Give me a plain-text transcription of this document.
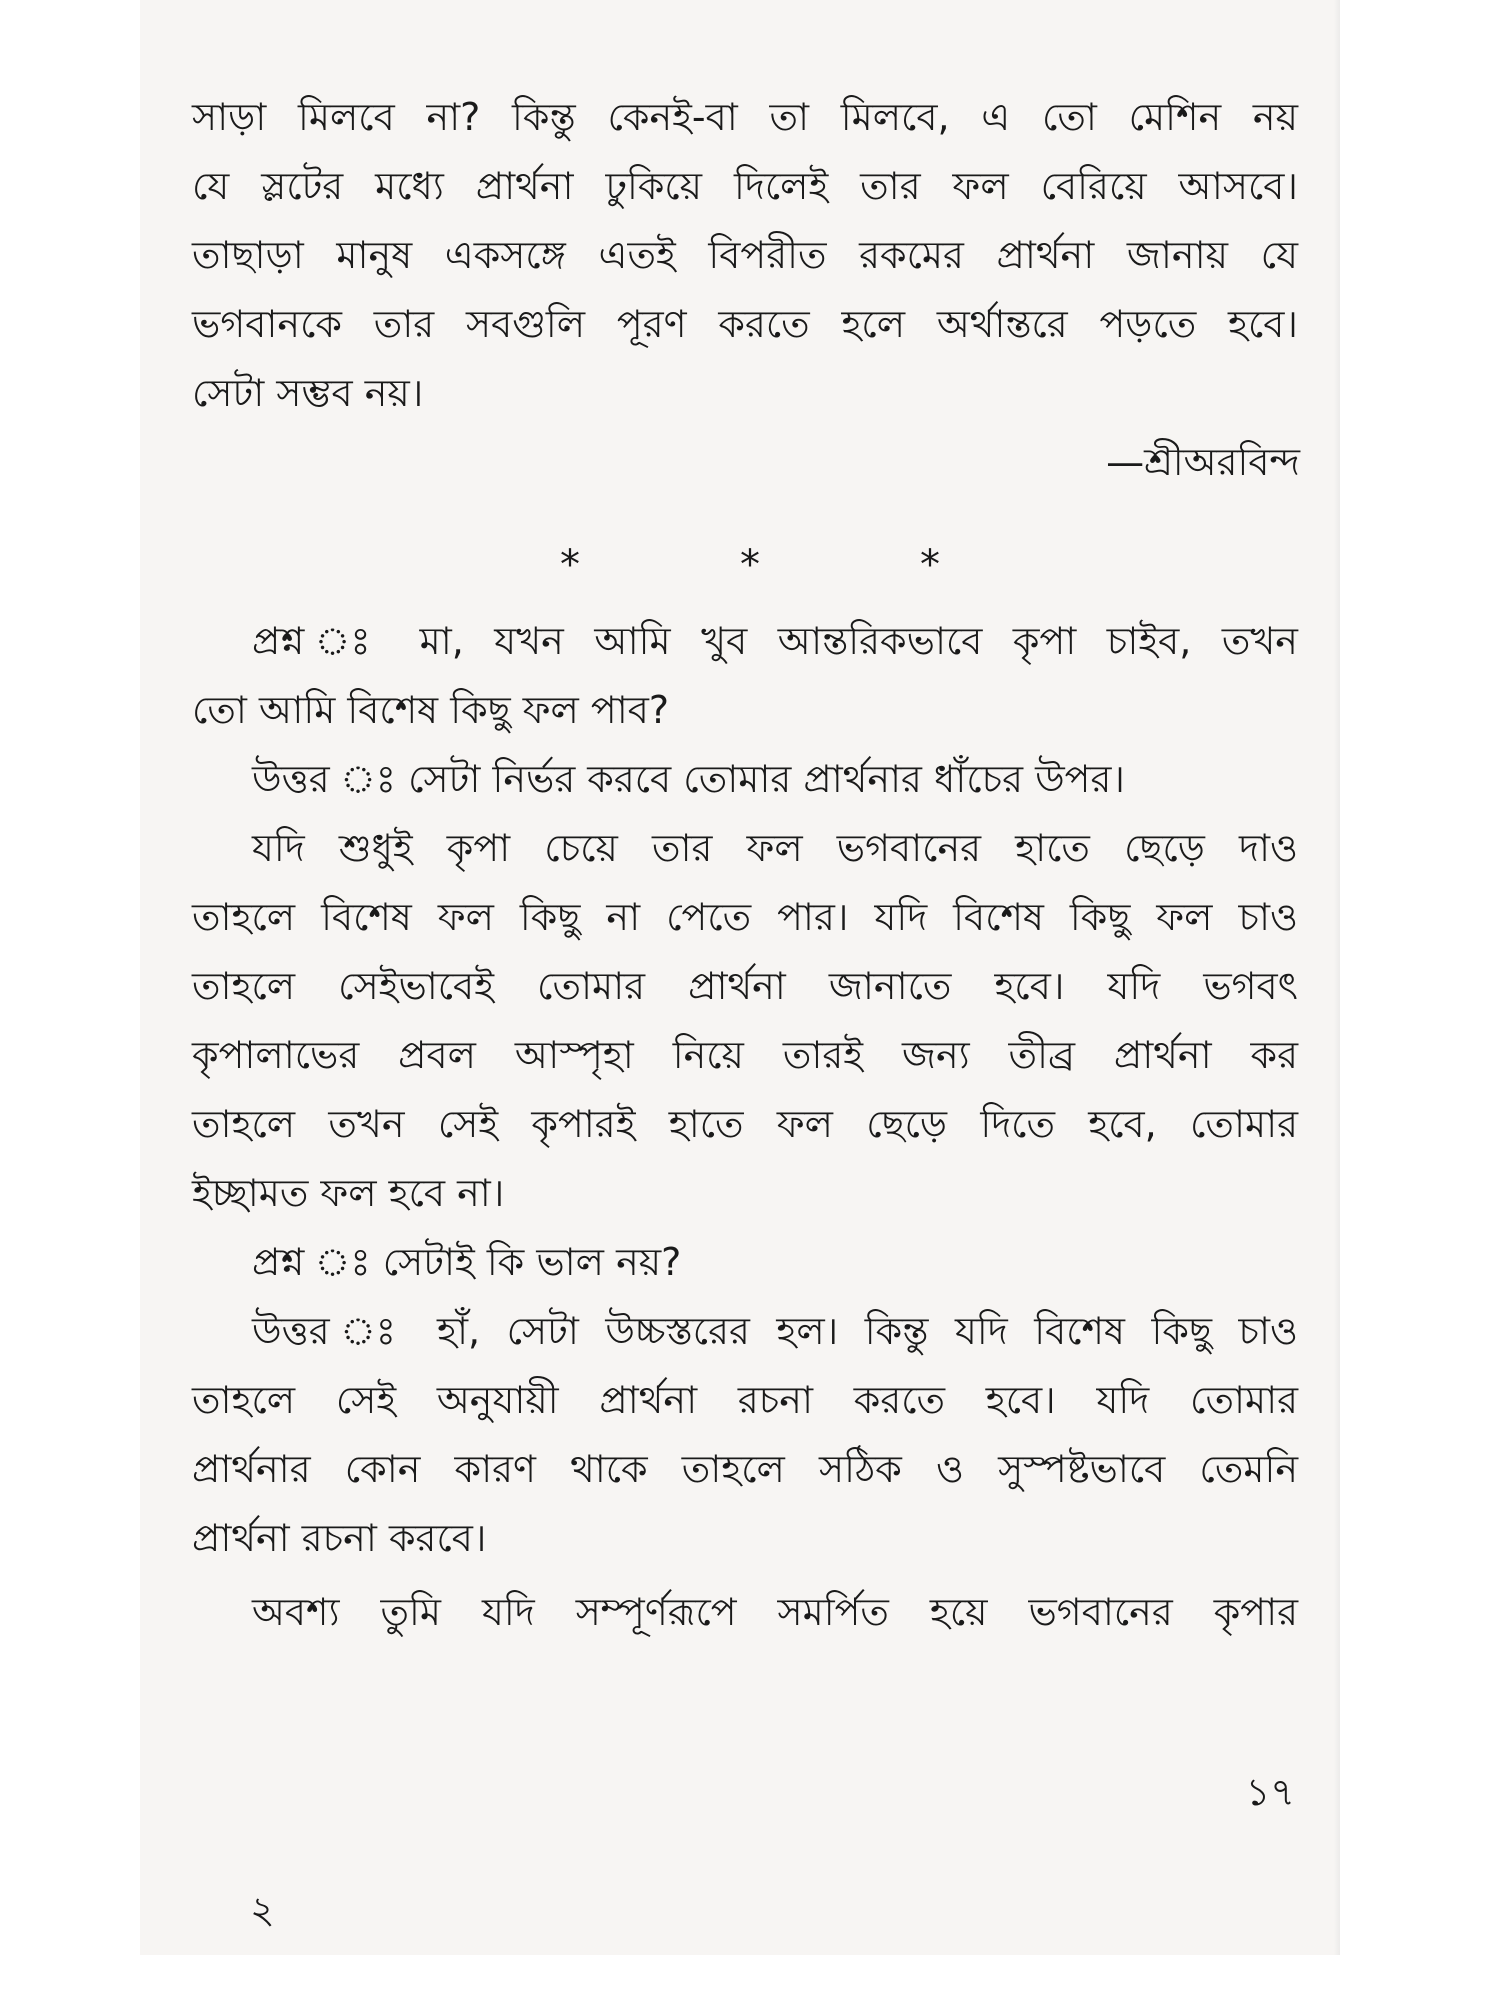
সাড়া মিলবে না? কিন্তু কেনই-বা তা মিলবে, এ তো মেশিন নয়
যে স্লটের মধ্যে প্রার্থনা ঢুকিয়ে দিলেই তার ফল বেরিয়ে আসবে।
তাছাড়া মানুষ একসঙ্গে এতই বিপরীত রকমের প্রার্থনা জানায় যে
ভগবানকে তার সবগুলি পূরণ করতে হলে অর্থান্তরে পড়তে হবে।
সেটা সম্ভব নয়।
—শ্রীঅরবিন্দ
*	*	*
প্রশ্ন ঃ মা, যখন আমি খুব আন্তরিকভাবে কৃপা চাইব, তখন
তো আমি বিশেষ কিছু ফল পাব?
উত্তর ঃ সেটা নির্ভর করবে তোমার প্রার্থনার ধাঁচের উপর।
যদি শুধুই কৃপা চেয়ে তার ফল ভগবানের হাতে ছেড়ে দাও
তাহলে বিশেষ ফল কিছু না পেতে পার। যদি বিশেষ কিছু ফল চাও
তাহলে সেইভাবেই তোমার প্রার্থনা জানাতে হবে। যদি ভগবৎ
কৃপালাভের প্রবল আস্পৃহা নিয়ে তারই জন্য তীব্র প্রার্থনা কর
তাহলে তখন সেই কৃপারই হাতে ফল ছেড়ে দিতে হবে, তোমার
ইচ্ছামত ফল হবে না।
প্রশ্ন ঃ সেটাই কি ভাল নয়?
উত্তর ঃ হাঁ, সেটা উচ্চস্তরের হল। কিন্তু যদি বিশেষ কিছু চাও
তাহলে সেই অনুযায়ী প্রার্থনা রচনা করতে হবে। যদি তোমার
প্রার্থনার কোন কারণ থাকে তাহলে সঠিক ও সুস্পষ্টভাবে তেমনি
প্রার্থনা রচনা করবে।
অবশ্য তুমি যদি সম্পূর্ণরূপে সমর্পিত হয়ে ভগবানের কৃপার
১৭
২
